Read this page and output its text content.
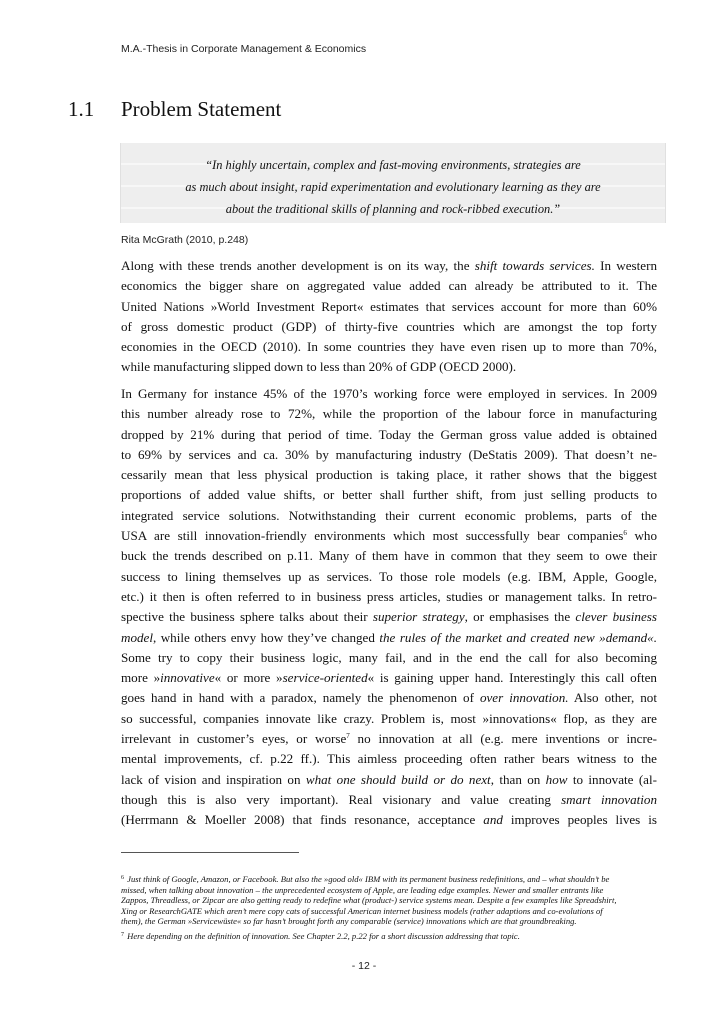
M.A.-Thesis in Corporate Management & Economics
1.1 Problem Statement
“In highly uncertain, complex and fast-moving environments, strategies are
as much about insight, rapid experimentation and evolutionary learning as they are
about the traditional skills of planning and rock-ribbed execution.”
Rita McGrath (2010, p.248)
Along with these trends another development is on its way, the shift towards services. In western
economics the bigger share on aggregated value added can already be attributed to it. The
United Nations »World Investment Report« estimates that services account for more than 60%
of gross domestic product (GDP) of thirty-five countries which are amongst the top forty
economies in the OECD (2010). In some countries they have even risen up to more than 70%,
while manufacturing slipped down to less than 20% of GDP (OECD 2000).
In Germany for instance 45% of the 1970’s working force were employed in services. In 2009
this number already rose to 72%, while the proportion of the labour force in manufacturing
dropped by 21% during that period of time. Today the German gross value added is obtained
to 69% by services and ca. 30% by manufacturing industry (DeStatis 2009). That doesn’t ne-
cessarily mean that less physical production is taking place, it rather shows that the biggest
proportions of added value shifts, or better shall further shift, from just selling products to
integrated service solutions. Notwithstanding their current economic problems, parts of the
USA are still innovation-friendly environments which most successfully bear companies$^6$ who
buck the trends described on p.11. Many of them have in common that they seem to owe their
success to lining themselves up as services. To those role models (e.g. IBM, Apple, Google,
etc.) it then is often referred to in business press articles, studies or management talks. In retro-
spective the business sphere talks about their superior strategy, or emphasises the clever business
model, while others envy how they’ve changed the rules of the market and created new »demand«.
Some try to copy their business logic, many fail, and in the end the call for also becoming
more »innovative« or more »service-oriented« is gaining upper hand. Interestingly this call often
goes hand in hand with a paradox, namely the phenomenon of over innovation. Also other, not
so successful, companies innovate like crazy. Problem is, most »innovations« flop, as they are
irrelevant in customer’s eyes, or worse$^7$ no innovation at all (e.g. mere inventions or incre-
mental improvements, cf. p.22 ff.). This aimless proceeding often rather bears witness to the
lack of vision and inspiration on what one should build or do next, than on how to innovate (al-
though this is also very important). Real visionary and value creating smart innovation
(Herrmann & Moeller 2008) that finds resonance, acceptance and improves peoples lives is
$^6$ Just think of Google, Amazon, or Facebook. But also the »good old« IBM with its permanent business redefinitions, and – what shouldn’t be
missed, when talking about innovation – the unprecedented ecosystem of Apple, are leading edge examples. Newer and smaller entrants like
Zappos, Threadless, or Zipcar are also getting ready to redefine what (product-) service systems mean. Despite a few examples like Spreadshirt,
Xing or ResearchGATE which aren’t mere copy cats of successful American internet business models (rather adaptions and co-evolutions of
them), the German »Servicewüste« so far hasn’t brought forth any comparable (service) innovations which are that groundbreaking.
$^7$ Here depending on the definition of innovation. See Chapter 2.2, p.22 for a short discussion addressing that topic.
- 12 -
